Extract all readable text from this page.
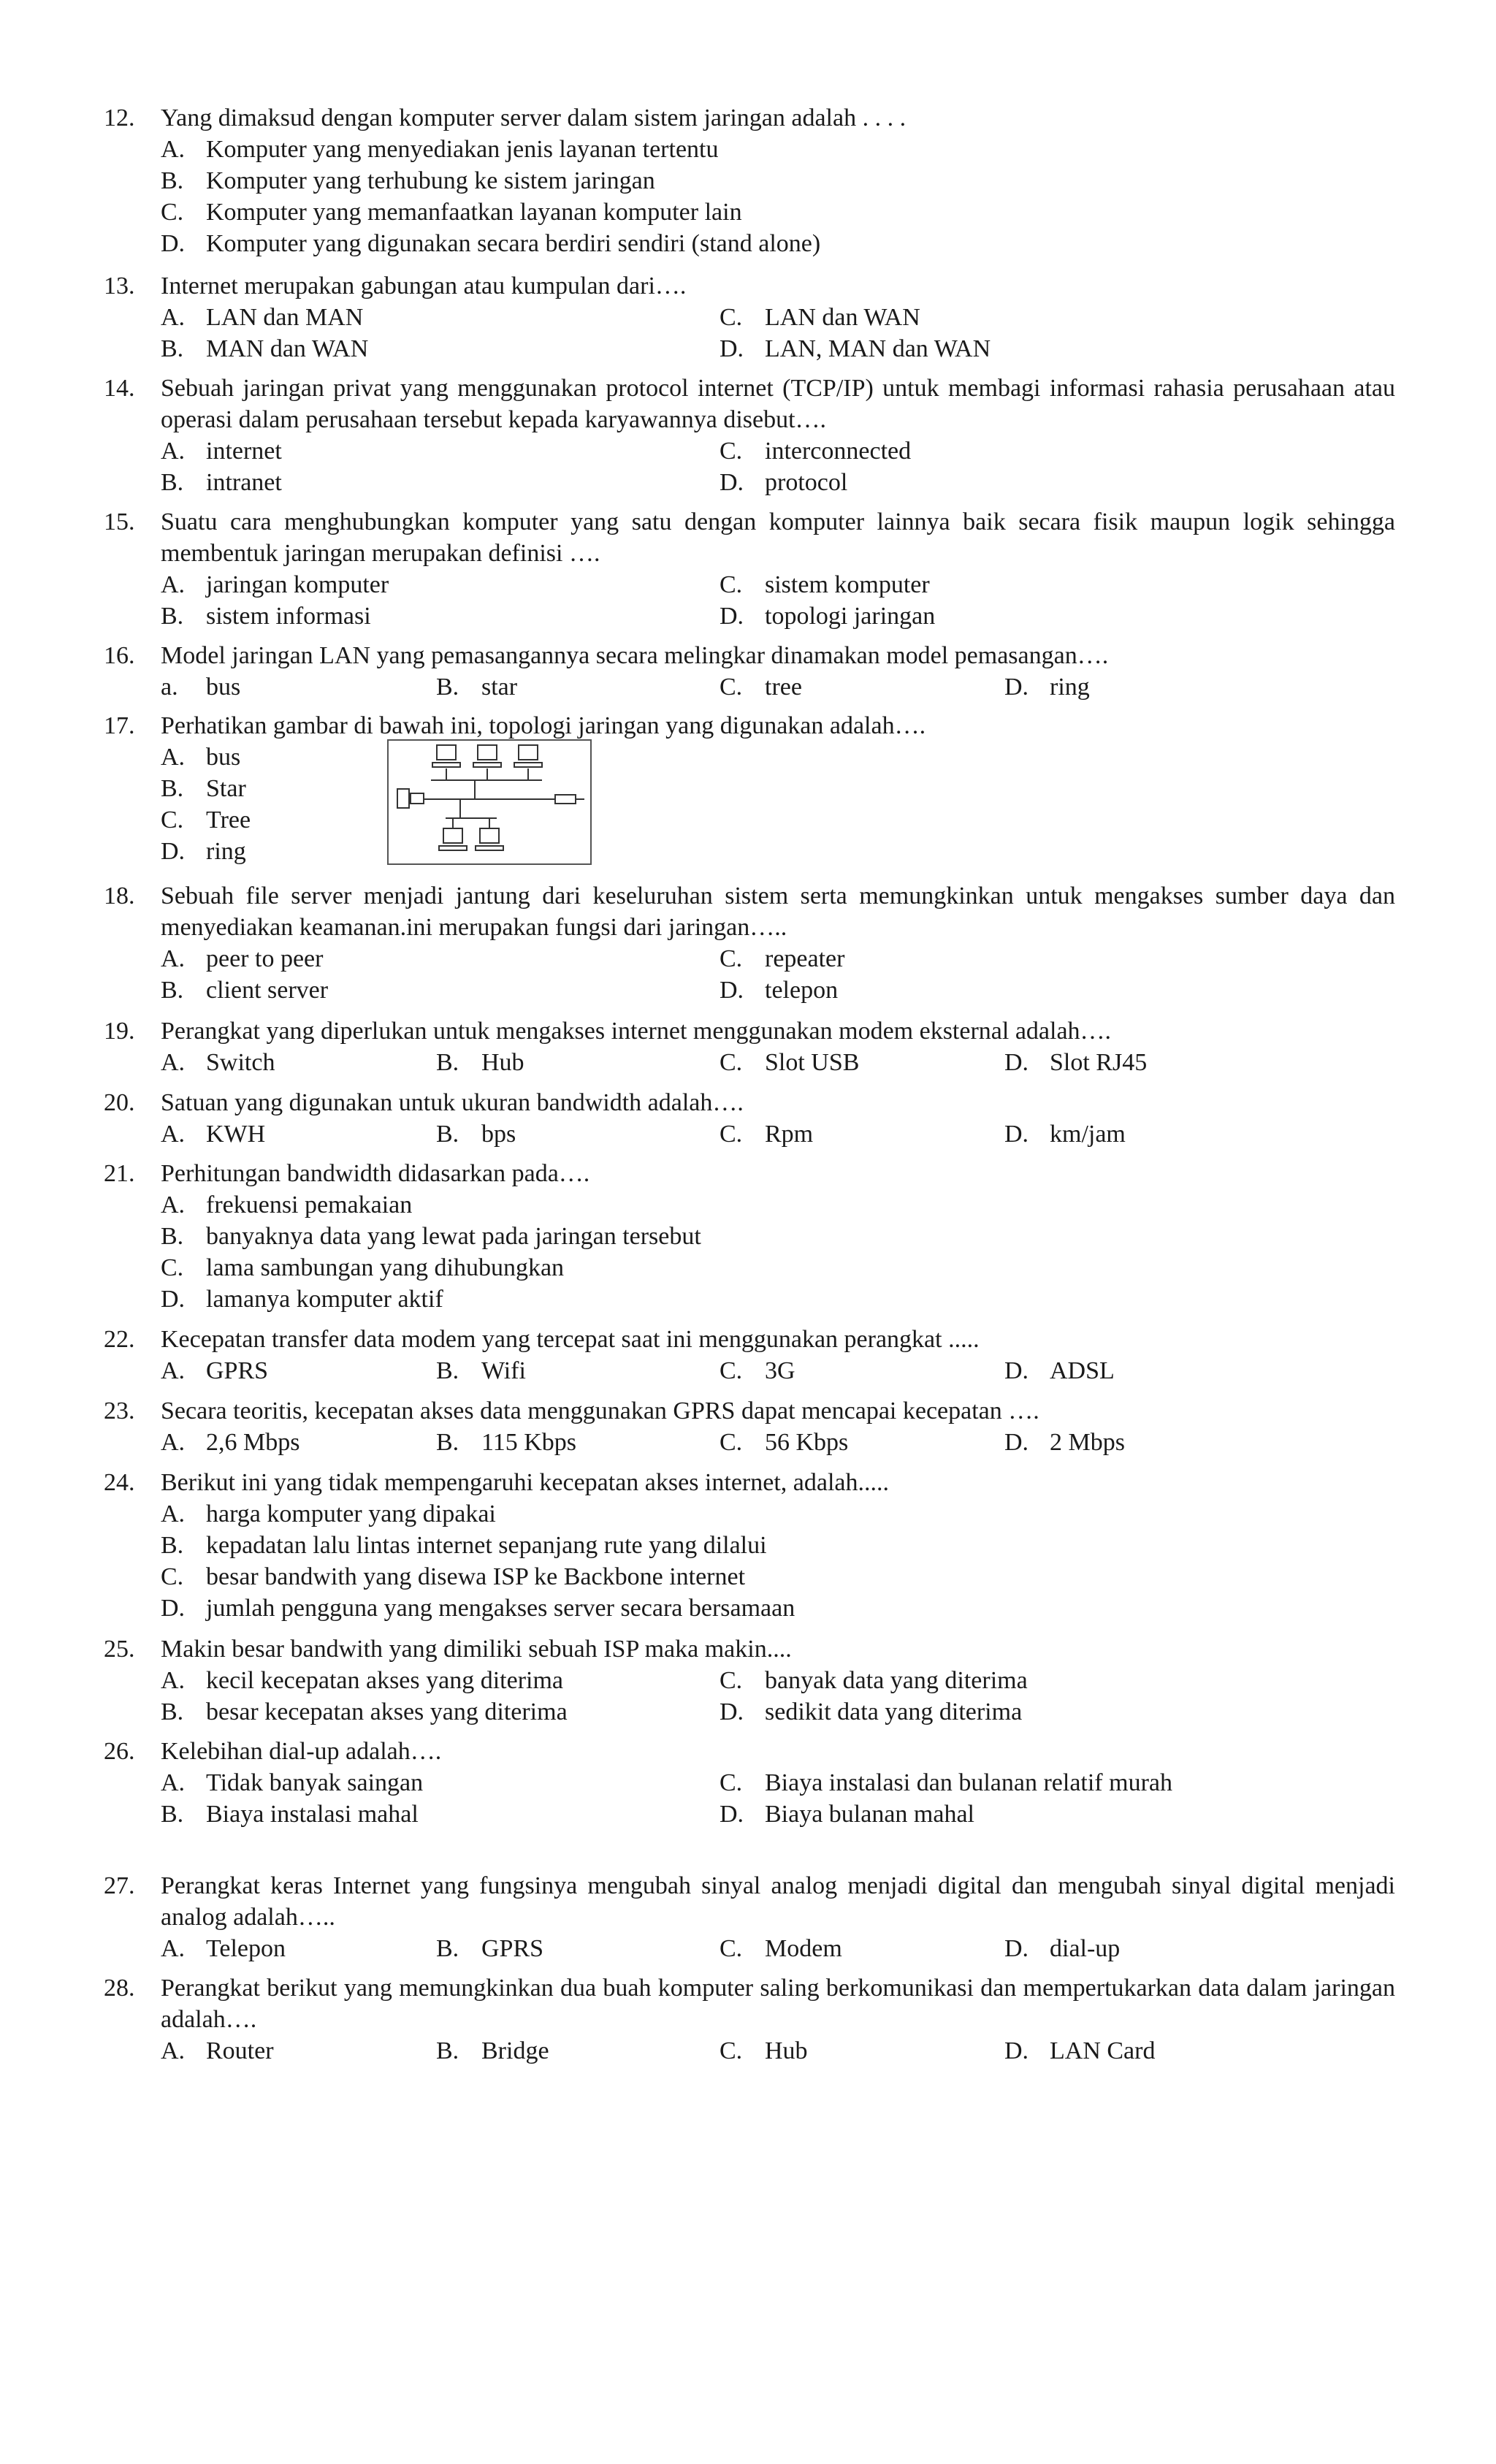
12. Yang dimaksud dengan komputer server dalam sistem jaringan adalah . . . .
A. Komputer yang menyediakan jenis layanan tertentu
B. Komputer yang terhubung ke sistem jaringan
C. Komputer yang memanfaatkan layanan komputer lain
D. Komputer yang digunakan secara berdiri sendiri (stand alone)
13. Internet merupakan gabungan atau kumpulan dari….
A. LAN dan MAN	C. LAN dan WAN
B. MAN dan WAN	D. LAN, MAN dan WAN
14. Sebuah jaringan privat yang menggunakan protocol internet (TCP/IP) untuk membagi informasi rahasia perusahaan atau operasi dalam perusahaan tersebut kepada karyawannya disebut….
A. internet	C. interconnected
B. intranet	D. protocol
15. Suatu cara menghubungkan komputer yang satu dengan komputer lainnya baik secara fisik maupun logik sehingga membentuk jaringan merupakan definisi ….
A. jaringan komputer	C. sistem komputer
B. sistem informasi	D. topologi jaringan
16. Model jaringan LAN yang pemasangannya secara melingkar dinamakan model pemasangan….
a. bus	B. star	C. tree	D. ring
17. Perhatikan gambar di bawah ini, topologi jaringan yang digunakan adalah….
A. bus
B. Star
C. Tree
D. ring
18. Sebuah file server menjadi jantung dari keseluruhan sistem serta memungkinkan untuk mengakses sumber daya dan menyediakan keamanan.ini merupakan fungsi dari jaringan…..
A. peer to peer	C. repeater
B. client server	D. telepon
19. Perangkat yang diperlukan untuk mengakses internet menggunakan modem eksternal adalah….
A. Switch	B. Hub	C. Slot USB	D. Slot RJ45
20. Satuan yang digunakan untuk ukuran bandwidth adalah….
A. KWH	B. bps	C. Rpm	D. km/jam
21. Perhitungan bandwidth didasarkan pada….
A. frekuensi pemakaian
B. banyaknya data yang lewat pada jaringan tersebut
C. lama sambungan yang dihubungkan
D. lamanya komputer aktif
22. Kecepatan transfer data modem yang tercepat saat ini menggunakan perangkat .....
A. GPRS	B. Wifi	C. 3G	D. ADSL
23. Secara teoritis, kecepatan akses data menggunakan GPRS dapat mencapai kecepatan ….
A. 2,6 Mbps	B. 115 Kbps	C. 56 Kbps	D. 2 Mbps
24. Berikut ini yang tidak mempengaruhi kecepatan akses internet, adalah.....
A. harga komputer yang dipakai
B. kepadatan lalu lintas internet sepanjang rute yang dilalui
C. besar bandwith yang disewa ISP ke Backbone internet
D. jumlah pengguna yang mengakses server secara bersamaan
25. Makin besar bandwith yang dimiliki sebuah ISP maka makin....
A. kecil kecepatan akses yang diterima	C. banyak data yang diterima
B. besar kecepatan akses yang diterima	D. sedikit data yang diterima
26. Kelebihan dial-up adalah….
A. Tidak banyak saingan	C. Biaya instalasi dan bulanan relatif murah
B. Biaya instalasi mahal	D. Biaya bulanan mahal
27. Perangkat keras Internet yang fungsinya mengubah sinyal analog menjadi digital dan mengubah sinyal digital menjadi analog adalah…..
A. Telepon	B. GPRS	C. Modem	D. dial-up
28. Perangkat berikut yang memungkinkan dua buah komputer saling berkomunikasi dan mempertukarkan data dalam jaringan adalah….
A. Router	B. Bridge	C. Hub	D. LAN Card
